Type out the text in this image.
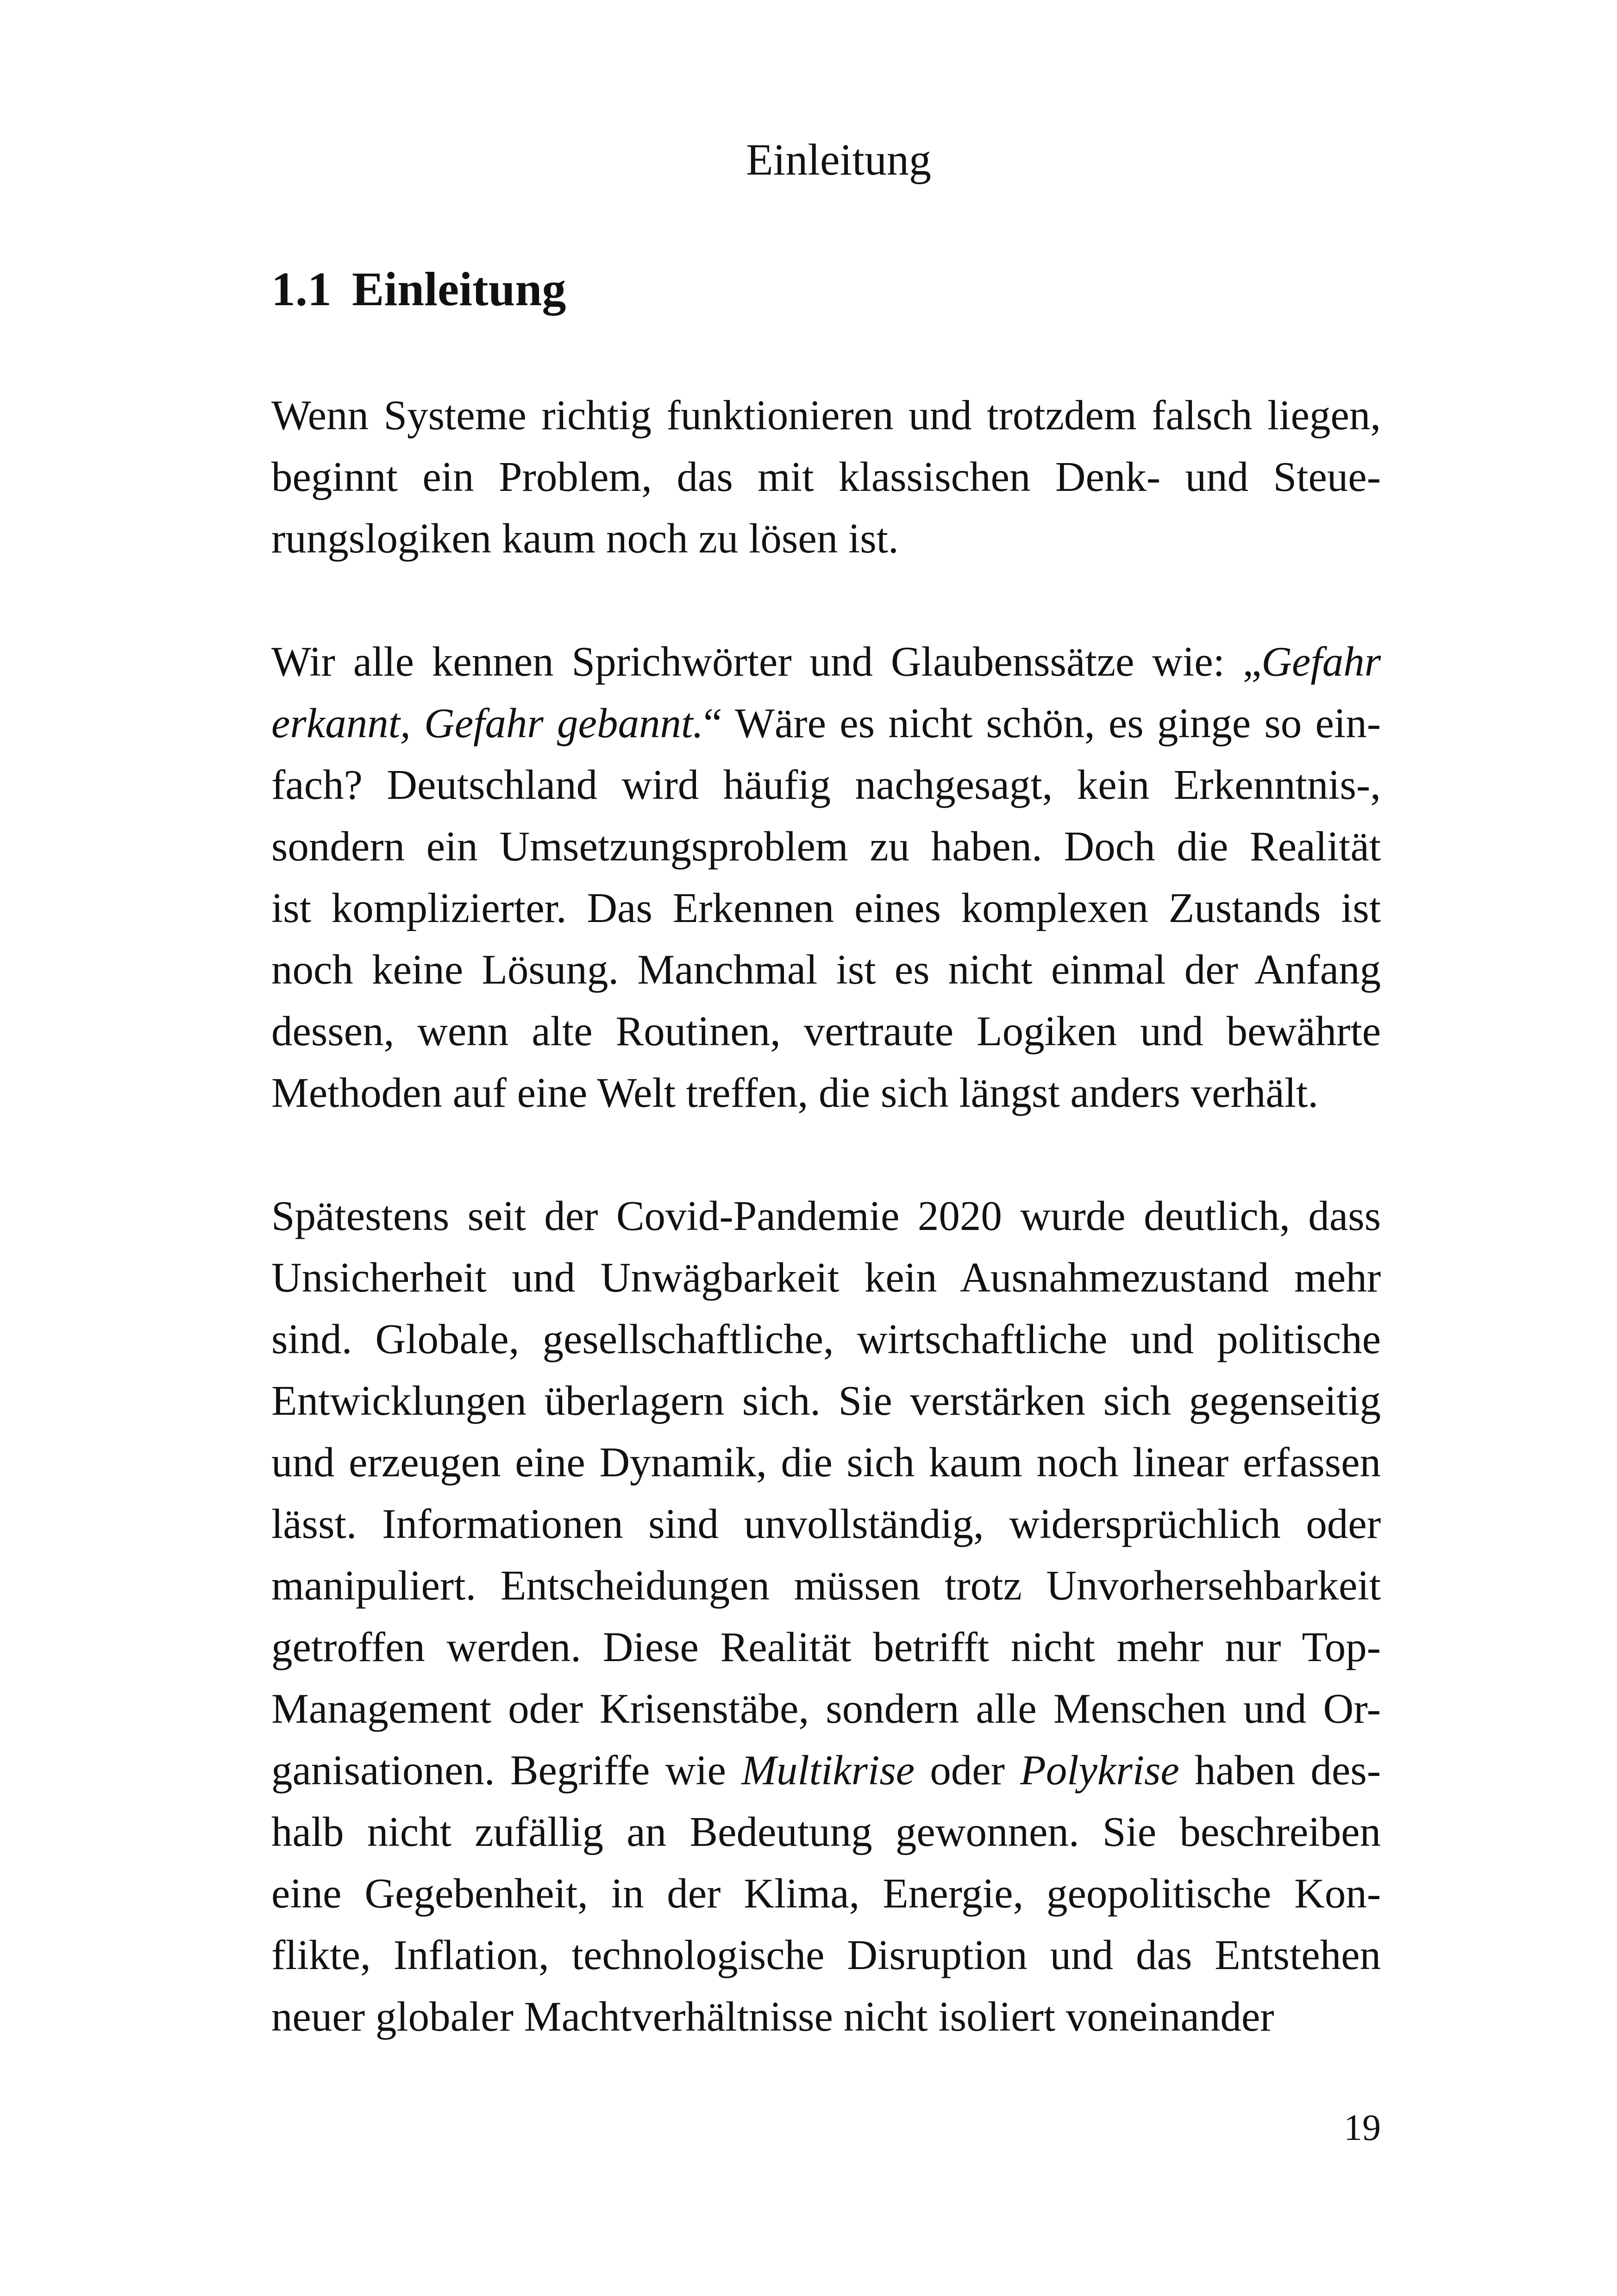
Einleitung
1.1 Einleitung

Wenn Systeme richtig funktionieren und trotzdem falsch liegen,
beginnt ein Problem, das mit klassischen Denk- und Steue-
rungslogiken kaum noch zu lösen ist.

Wir alle kennen Sprichwörter und Glaubenssätze wie: „Gefahr
erkannt, Gefahr gebannt.“ Wäre es nicht schön, es ginge so ein-
fach? Deutschland wird häufig nachgesagt, kein Erkenntnis-,
sondern ein Umsetzungsproblem zu haben. Doch die Realität
ist komplizierter. Das Erkennen eines komplexen Zustands ist
noch keine Lösung. Manchmal ist es nicht einmal der Anfang
dessen, wenn alte Routinen, vertraute Logiken und bewährte
Methoden auf eine Welt treffen, die sich längst anders verhält.

Spätestens seit der Covid-Pandemie 2020 wurde deutlich, dass
Unsicherheit und Unwägbarkeit kein Ausnahmezustand mehr
sind. Globale, gesellschaftliche, wirtschaftliche und politische
Entwicklungen überlagern sich. Sie verstärken sich gegenseitig
und erzeugen eine Dynamik, die sich kaum noch linear erfassen
lässt. Informationen sind unvollständig, widersprüchlich oder
manipuliert. Entscheidungen müssen trotz Unvorhersehbarkeit
getroffen werden. Diese Realität betrifft nicht mehr nur Top-
Management oder Krisenstäbe, sondern alle Menschen und Or-
ganisationen. Begriffe wie Multikrise oder Polykrise haben des-
halb nicht zufällig an Bedeutung gewonnen. Sie beschreiben
eine Gegebenheit, in der Klima, Energie, geopolitische Kon-
flikte, Inflation, technologische Disruption und das Entstehen
neuer globaler Machtverhältnisse nicht isoliert voneinander

19
